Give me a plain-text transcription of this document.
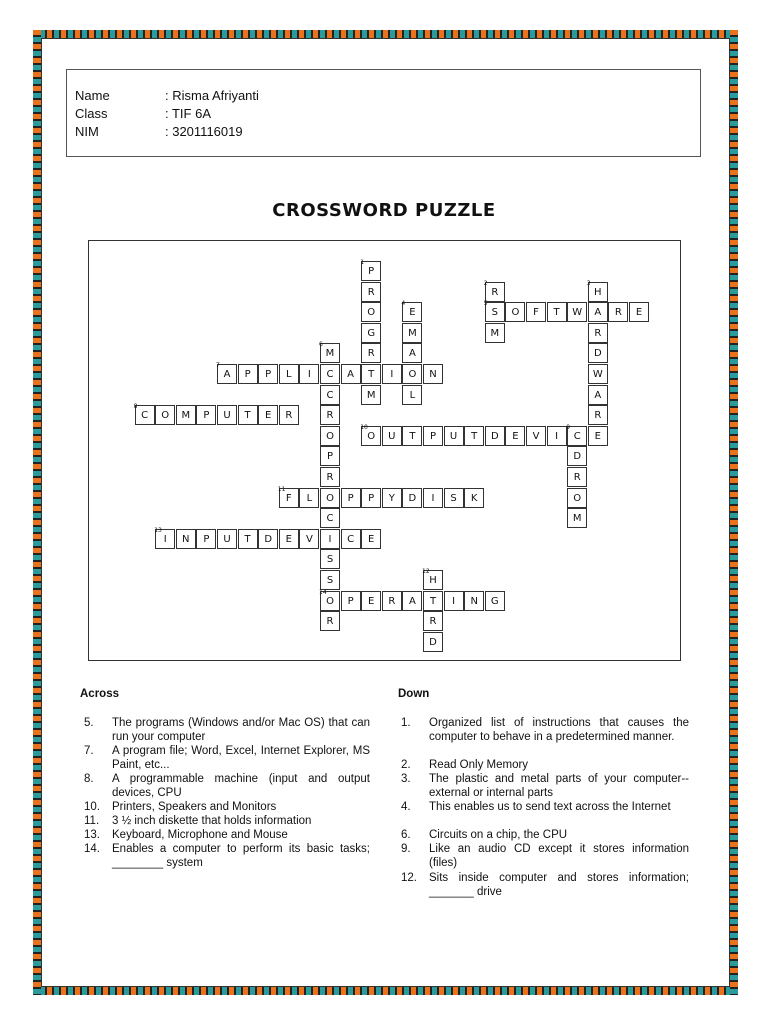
Name	: Risma Afriyanti
Class	: TIF 6A
NIM	: 3201116019
CROSSWORD PUZZLE
P
R
O
G
R
T
M
R
S
M
H
A
R
D
W
A
R
E
E
M
A
O
L
O	F	T	W	R	E
M
C
C
R
O
P
R
O
C
I
S
S
O
R
A	P	P	L	I	A	I	N
C	O	M	P	U	T	E	R
C
D
R
O
M
O	U	T	P	U	T	D	E	V	I
F	L	P	P	Y	D	I	S	K
H
T
R
D
I	N	P	U	T	D	E	V	C	E
P	E	R	A	I	N	G
1
2	3
4	5
6
7
8
9
10
11
12
13
14
Across
5. The programs (Windows and/or Mac OS) that can run your computer
7. A program file; Word, Excel, Internet Explorer, MS Paint, etc...
8. A programmable machine (input and output devices, CPU
10. Printers, Speakers and Monitors
11. 3 ½ inch diskette that holds information
13. Keyboard, Microphone and Mouse
14. Enables a computer to perform its basic tasks; ________ system
Down
1. Organized list of instructions that causes the computer to behave in a predetermined manner.
2. Read Only Memory
3. The plastic and metal parts of your computer--external or internal parts
4. This enables us to send text across the Internet
6. Circuits on a chip, the CPU
9. Like an audio CD except it stores information (files)
12. Sits inside computer and stores information; _______ drive
